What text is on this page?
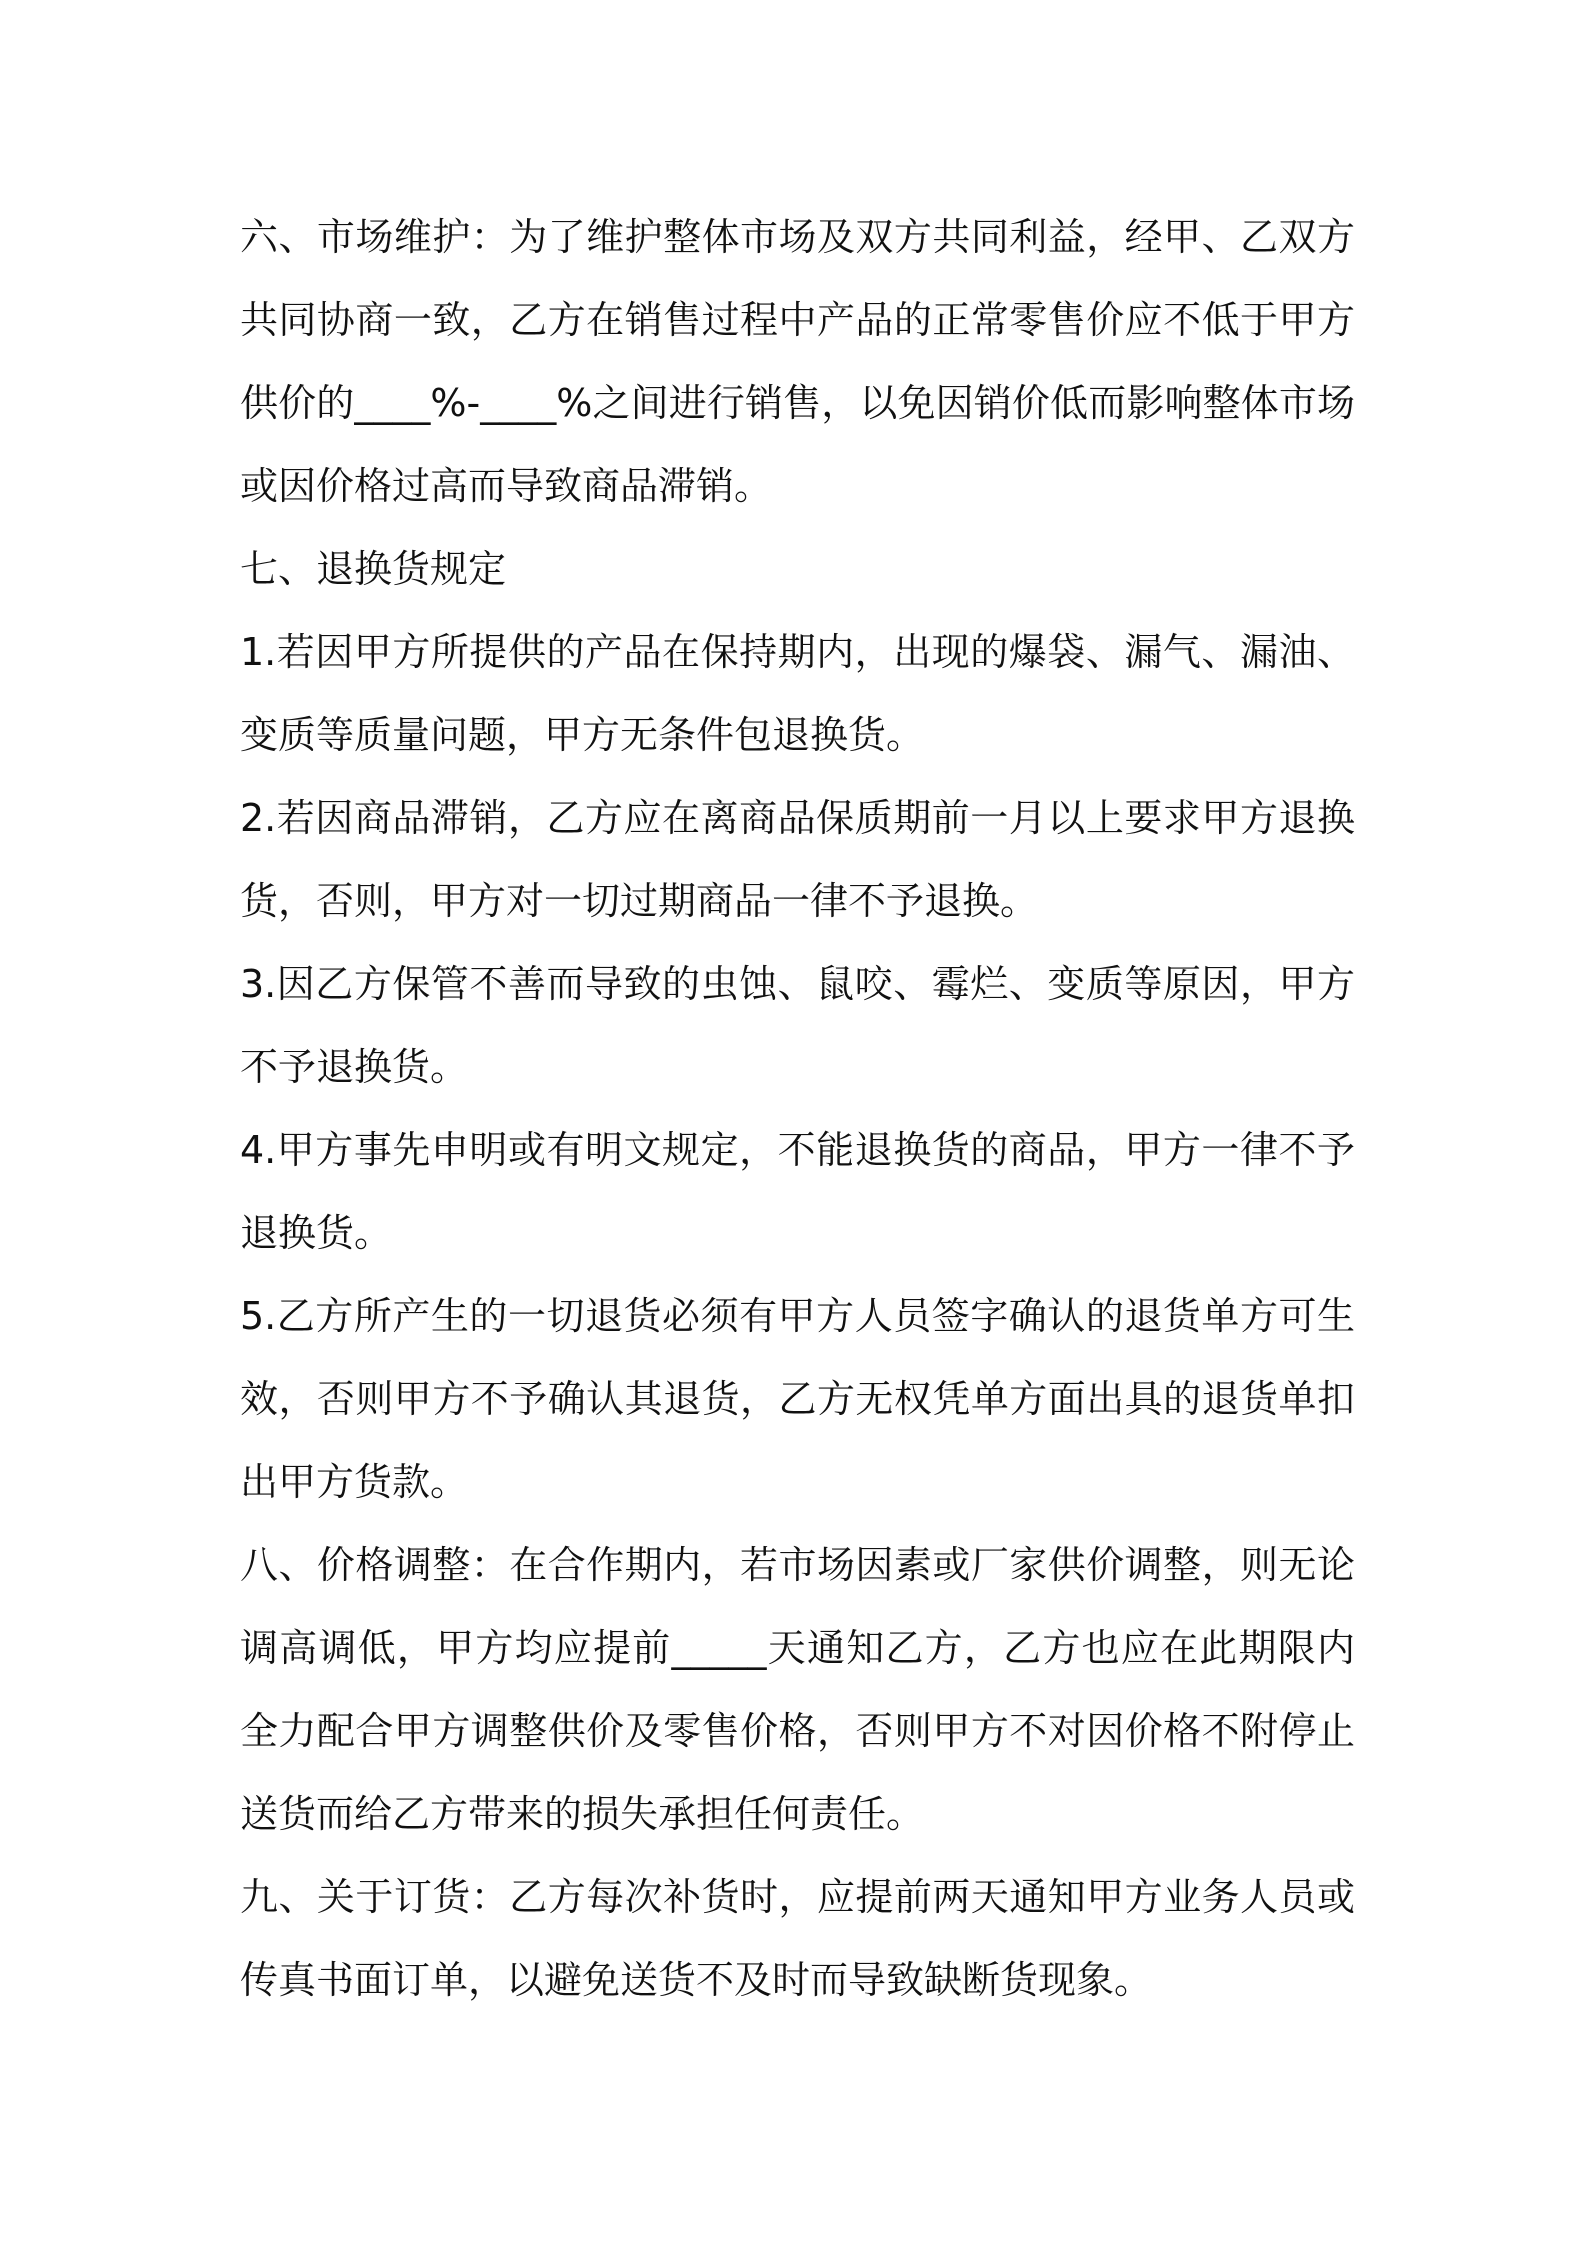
六、市场维护：为了维护整体市场及双方共同利益，经甲、乙双方共同协商一致，乙方在销售过程中产品的正常零售价应不低于甲方供价的____%-____%之间进行销售，以免因销价低而影响整体市场或因价格过高而导致商品滞销。

七、退换货规定

1.若因甲方所提供的产品在保持期内，出现的爆袋、漏气、漏油、变质等质量问题，甲方无条件包退换货。

2.若因商品滞销，乙方应在离商品保质期前一月以上要求甲方退换货，否则，甲方对一切过期商品一律不予退换。

3.因乙方保管不善而导致的虫蚀、鼠咬、霉烂、变质等原因，甲方不予退换货。

4.甲方事先申明或有明文规定，不能退换货的商品，甲方一律不予退换货。

5.乙方所产生的一切退货必须有甲方人员签字确认的退货单方可生效，否则甲方不予确认其退货，乙方无权凭单方面出具的退货单扣出甲方货款。

八、价格调整：在合作期内，若市场因素或厂家供价调整，则无论调高调低，甲方均应提前_____天通知乙方，乙方也应在此期限内全力配合甲方调整供价及零售价格，否则甲方不对因价格不附停止送货而给乙方带来的损失承担任何责任。

九、关于订货：乙方每次补货时，应提前两天通知甲方业务人员或传真书面订单，以避免送货不及时而导致缺断货现象。
